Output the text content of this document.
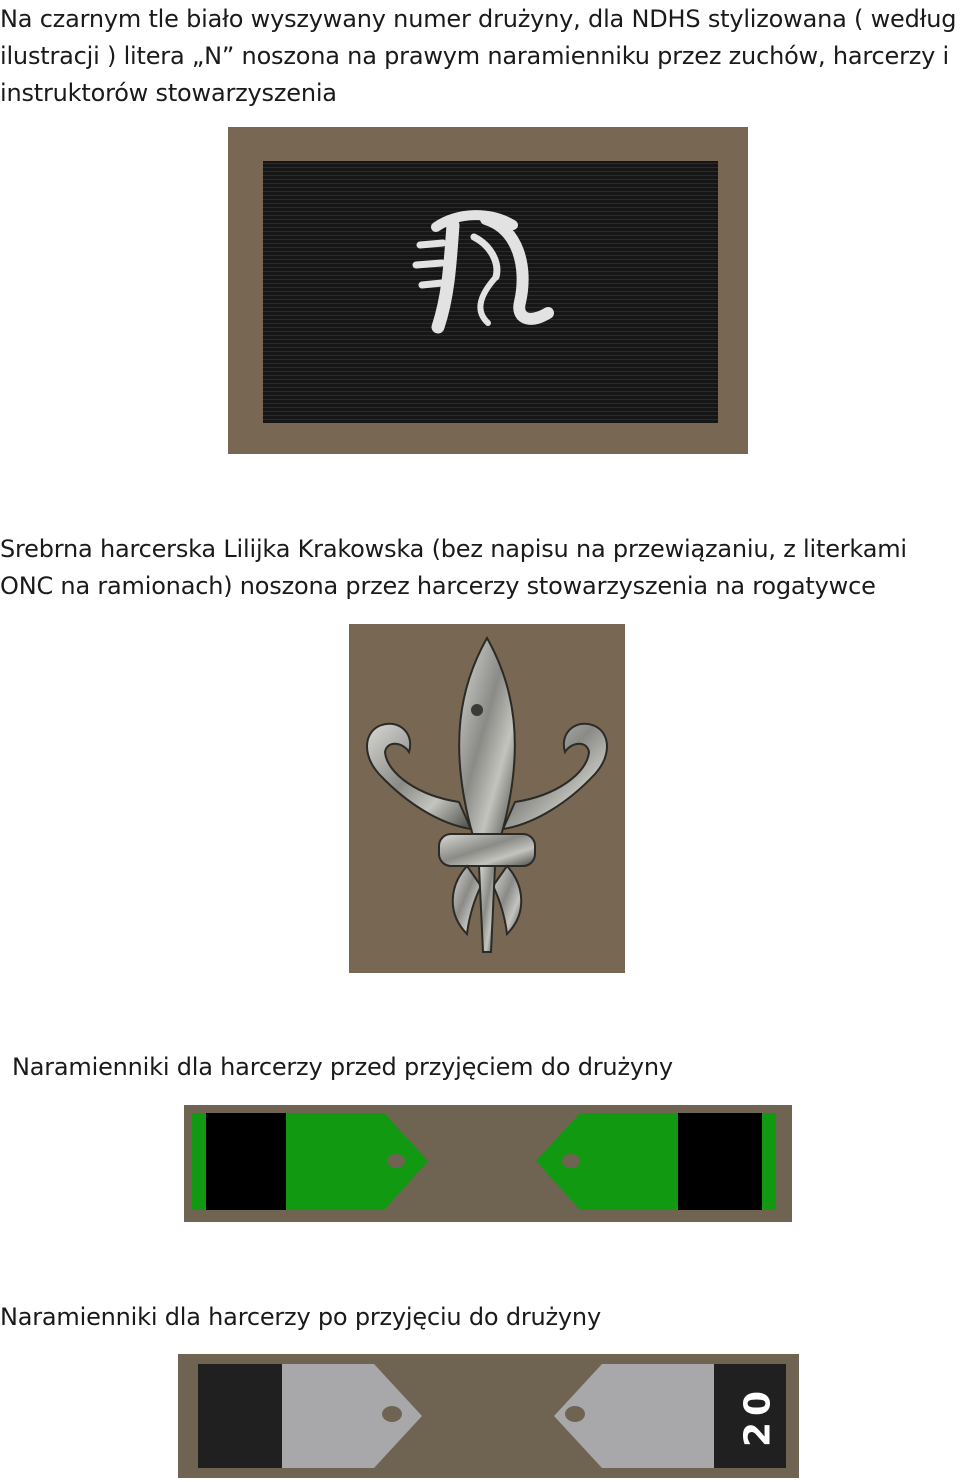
Na czarnym tle biało wyszywany numer drużyny, dla NDHS stylizowana ( według
ilustracji ) litera „N” noszona na prawym naramienniku przez zuchów, harcerzy i
instruktorów stowarzyszenia

Srebrna harcerska Lilijka Krakowska (bez napisu na przewiązaniu, z literkami
ONC na ramionach) noszona przez harcerzy stowarzyszenia na rogatywce

Naramienniki dla harcerzy przed przyjęciem do drużyny

Naramienniki dla harcerzy po przyjęciu do drużyny

20
